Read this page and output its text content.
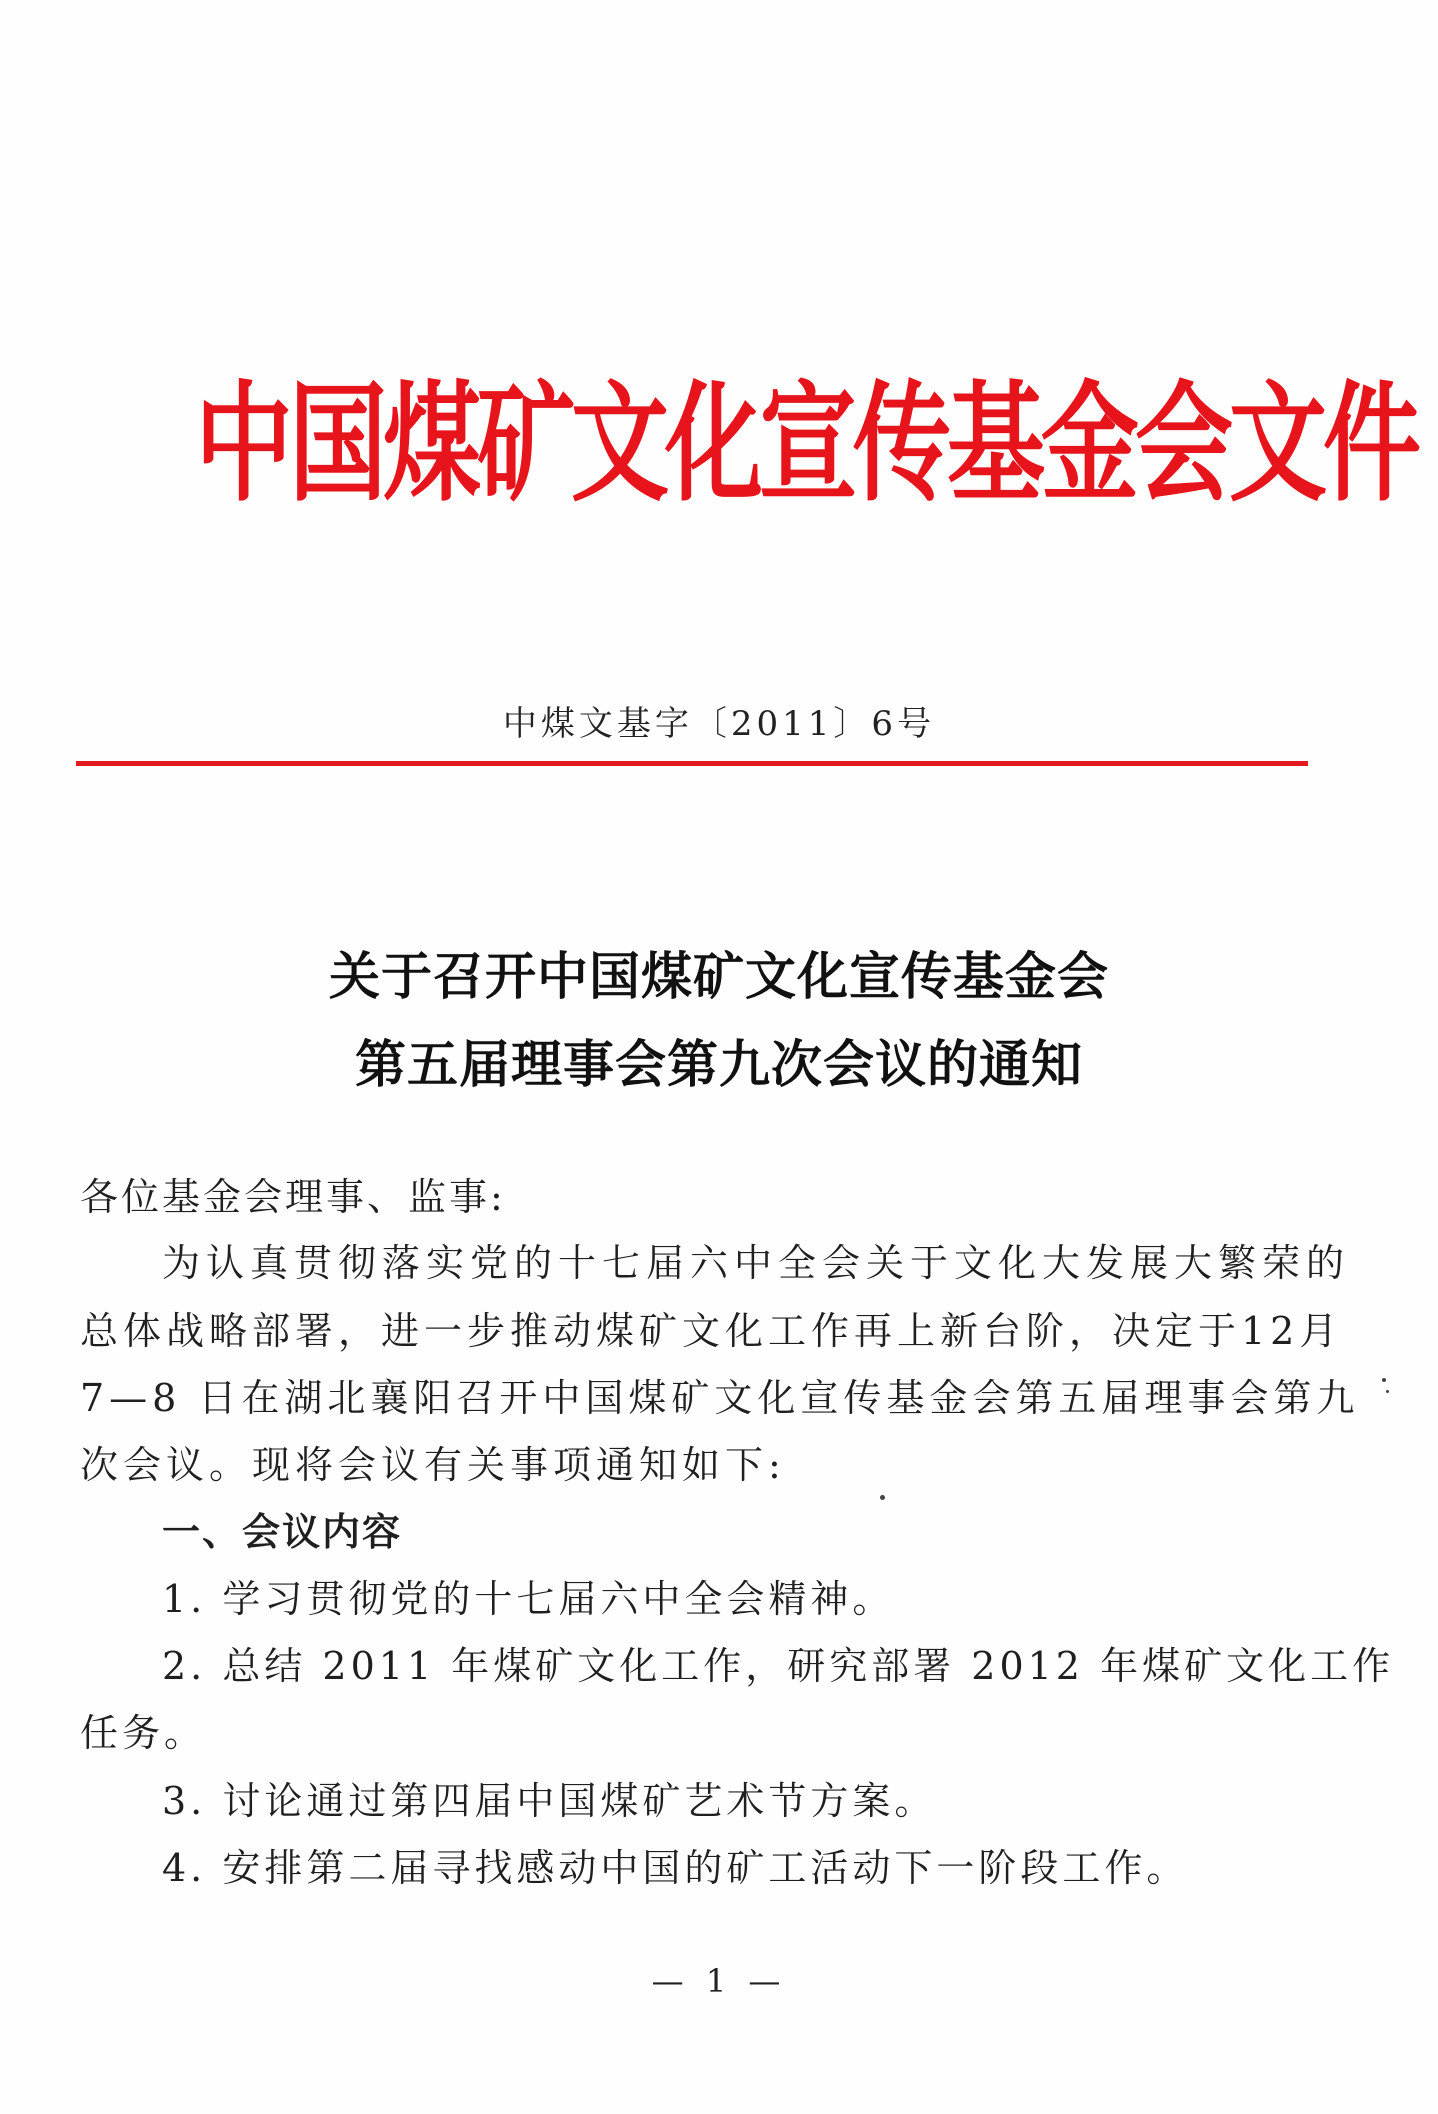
中国煤矿文化宣传基金会文件
中煤文基字〔2011〕6号
关于召开中国煤矿文化宣传基金会
第五届理事会第九次会议的通知
各位基金会理事、监事:
为认真贯彻落实党的十七届六中全会关于文化大发展大繁荣的
总体战略部署，进一步推动煤矿文化工作再上新台阶，决定于12月
7—8 日在湖北襄阳召开中国煤矿文化宣传基金会第五届理事会第九
次会议。现将会议有关事项通知如下:
一、会议内容
1. 学习贯彻党的十七届六中全会精神。
2. 总结 2011 年煤矿文化工作，研究部署 2012 年煤矿文化工作
任务。
3. 讨论通过第四届中国煤矿艺术节方案。
4. 安排第二届寻找感动中国的矿工活动下一阶段工作。
— 1 —
